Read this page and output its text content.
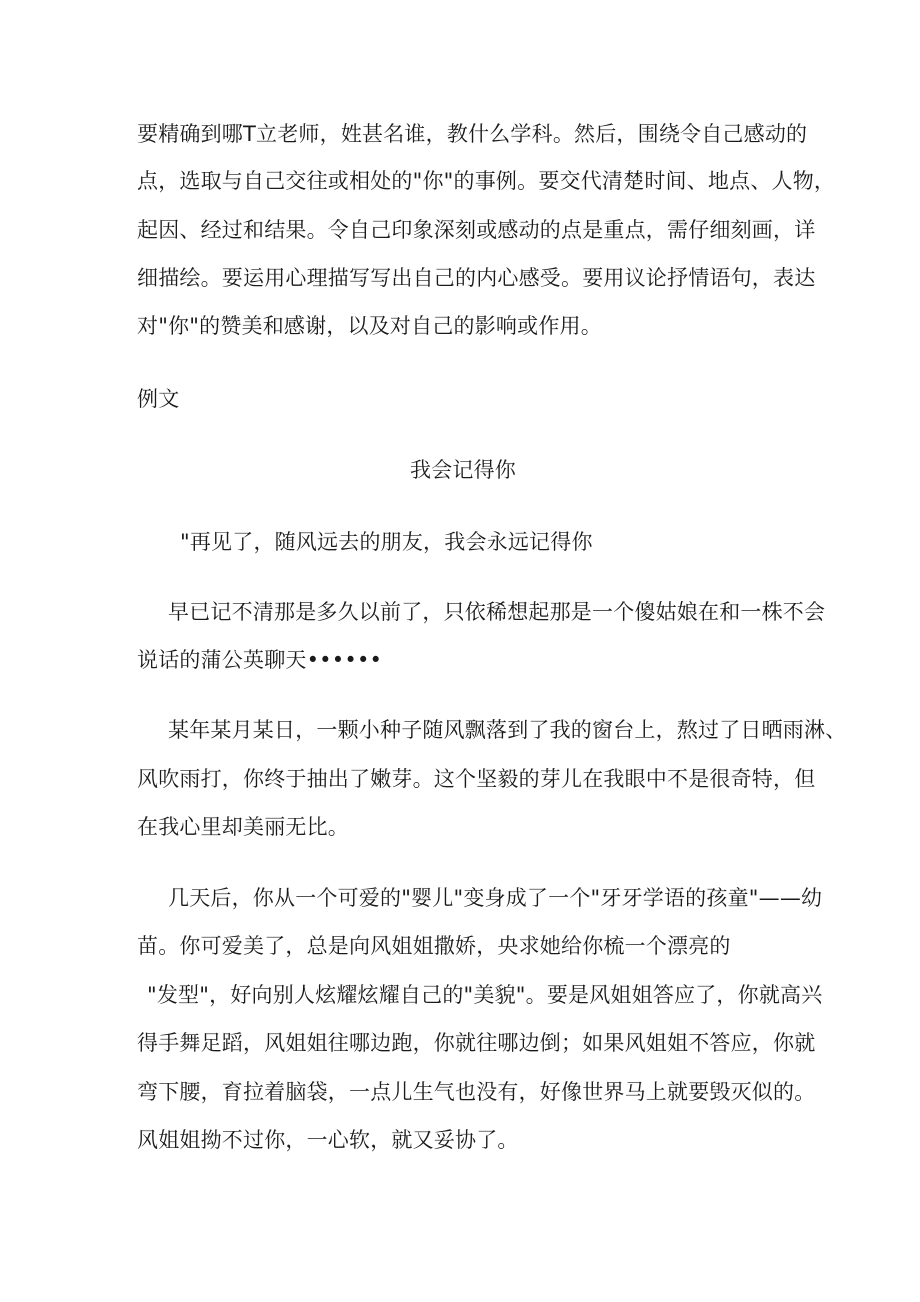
要精确到哪T立老师，姓甚名谁，教什么学科。然后，围绕令自己感动的
点，选取与自己交往或相处的"你"的事例。要交代清楚时间、地点、人物，
起因、经过和结果。令自己印象深刻或感动的点是重点，需仔细刻画，详
细描绘。要运用心理描写写出自己的内心感受。要用议论抒情语句，表达
对"你"的赞美和感谢，以及对自己的影响或作用。
例文
我会记得你
"再见了，随风远去的朋友，我会永远记得你
早已记不清那是多久以前了，只依稀想起那是一个傻姑娘在和一株不会
说话的蒲公英聊天••••••
某年某月某日，一颗小种子随风飘落到了我的窗台上，熬过了日晒雨淋、
风吹雨打，你终于抽出了嫩芽。这个坚毅的芽儿在我眼中不是很奇特，但
在我心里却美丽无比。
几天后，你从一个可爱的"婴儿"变身成了一个"牙牙学语的孩童"——幼
苗。你可爱美了，总是向风姐姐撒娇，央求她给你梳一个漂亮的
"发型"，好向别人炫耀炫耀自己的"美貌"。要是风姐姐答应了，你就高兴
得手舞足蹈，风姐姐往哪边跑，你就往哪边倒；如果风姐姐不答应，你就
弯下腰，育拉着脑袋，一点儿生气也没有，好像世界马上就要毁灭似的。
风姐姐拗不过你，一心软，就又妥协了。
